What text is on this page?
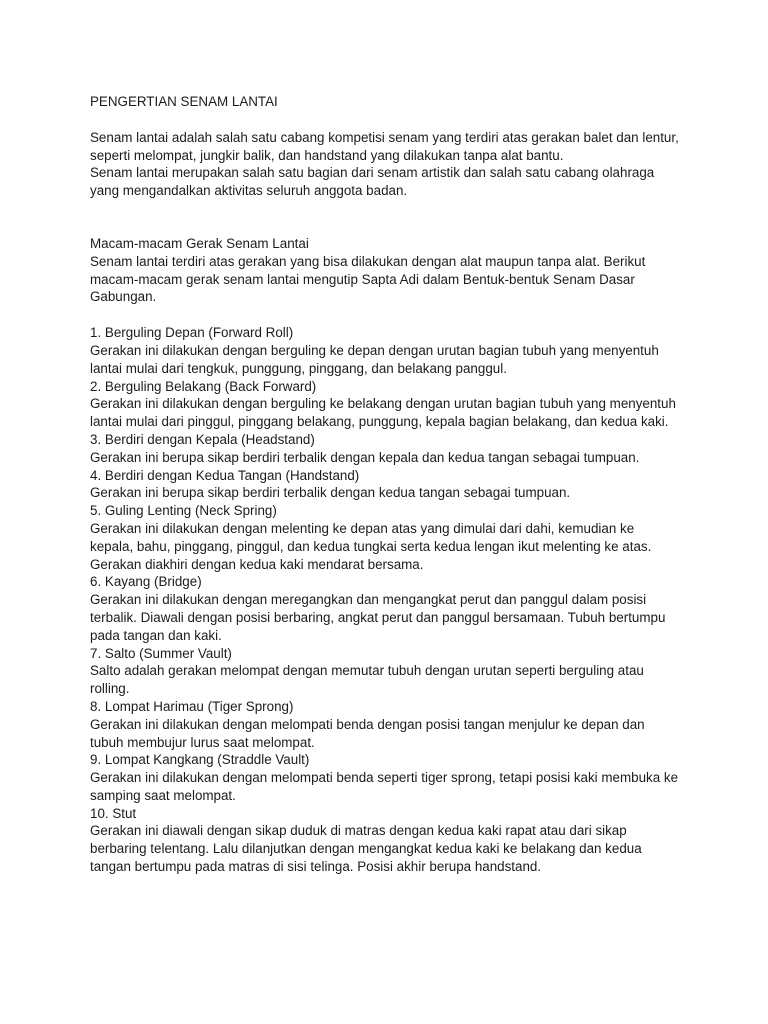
PENGERTIAN SENAM LANTAI

Senam lantai adalah salah satu cabang kompetisi senam yang terdiri atas gerakan balet dan lentur, seperti melompat, jungkir balik, dan handstand yang dilakukan tanpa alat bantu.

Senam lantai merupakan salah satu bagian dari senam artistik dan salah satu cabang olahraga yang mengandalkan aktivitas seluruh anggota badan.

Macam-macam Gerak Senam Lantai

Senam lantai terdiri atas gerakan yang bisa dilakukan dengan alat maupun tanpa alat. Berikut macam-macam gerak senam lantai mengutip Sapta Adi dalam Bentuk-bentuk Senam Dasar Gabungan.

1. Berguling Depan (Forward Roll)

Gerakan ini dilakukan dengan berguling ke depan dengan urutan bagian tubuh yang menyentuh lantai mulai dari tengkuk, punggung, pinggang, dan belakang panggul.

2. Berguling Belakang (Back Forward)

Gerakan ini dilakukan dengan berguling ke belakang dengan urutan bagian tubuh yang menyentuh lantai mulai dari pinggul, pinggang belakang, punggung, kepala bagian belakang, dan kedua kaki.

3. Berdiri dengan Kepala (Headstand)

Gerakan ini berupa sikap berdiri terbalik dengan kepala dan kedua tangan sebagai tumpuan.

4. Berdiri dengan Kedua Tangan (Handstand)

Gerakan ini berupa sikap berdiri terbalik dengan kedua tangan sebagai tumpuan.

5. Guling Lenting (Neck Spring)

Gerakan ini dilakukan dengan melenting ke depan atas yang dimulai dari dahi, kemudian ke kepala, bahu, pinggang, pinggul, dan kedua tungkai serta kedua lengan ikut melenting ke atas. Gerakan diakhiri dengan kedua kaki mendarat bersama.

6. Kayang (Bridge)

Gerakan ini dilakukan dengan meregangkan dan mengangkat perut dan panggul dalam posisi terbalik. Diawali dengan posisi berbaring, angkat perut dan panggul bersamaan. Tubuh bertumpu pada tangan dan kaki.

7. Salto (Summer Vault)

Salto adalah gerakan melompat dengan memutar tubuh dengan urutan seperti berguling atau rolling.

8. Lompat Harimau (Tiger Sprong)

Gerakan ini dilakukan dengan melompati benda dengan posisi tangan menjulur ke depan dan tubuh membujur lurus saat melompat.

9. Lompat Kangkang (Straddle Vault)

Gerakan ini dilakukan dengan melompati benda seperti tiger sprong, tetapi posisi kaki membuka ke samping saat melompat.

10. Stut

Gerakan ini diawali dengan sikap duduk di matras dengan kedua kaki rapat atau dari sikap berbaring telentang. Lalu dilanjutkan dengan mengangkat kedua kaki ke belakang dan kedua tangan bertumpu pada matras di sisi telinga. Posisi akhir berupa handstand.
